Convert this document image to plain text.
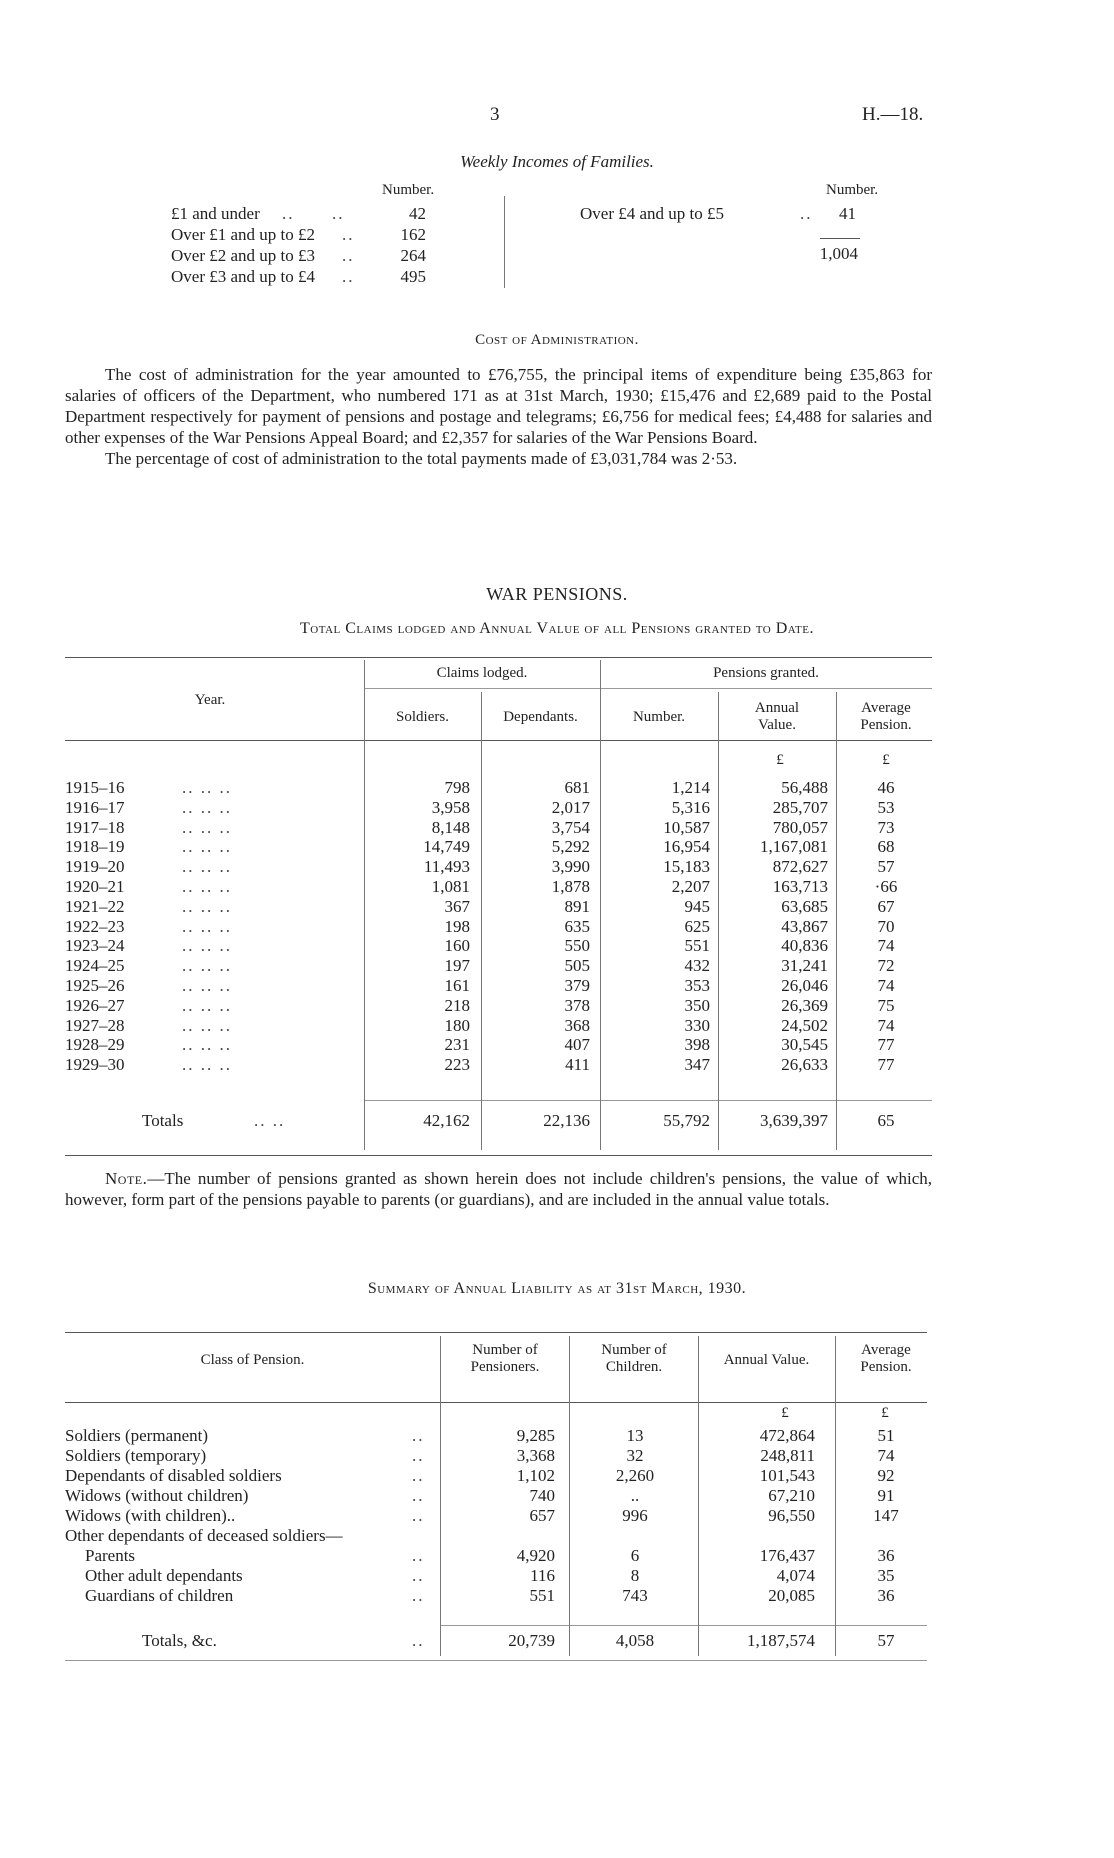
3	H.—18.
Weekly Incomes of Families.
Number.	Number.
£1 and under ..      ..	42
Over £1 and up to £2 ..	162
Over £2 and up to £3 ..	264
Over £3 and up to £4 ..	495
Over £4 and up to £5	..	41
1,004
Cost of Administration.

The cost of administration for the year amounted to £76,755, the principal items of expenditure being £35,863 for salaries of officers of the Department, who numbered 171 as at 31st March, 1930; £15,476 and £2,689 paid to the Postal Department respectively for payment of pensions and postage and telegrams; £6,756 for medical fees; £4,488 for salaries and other expenses of the War Pensions Appeal Board; and £2,357 for salaries of the War Pensions Board.

The percentage of cost of administration to the total payments made of £3,031,784 was 2·53.

WAR PENSIONS.
Total Claims lodged and Annual Value of all Pensions granted to Date.
Year.
Claims lodged.	Pensions granted.
Soldiers.	Dependants.	Number.
Annual Value.
Average Pension.
£	£
1915–16	.. .. ..	798	681	1,214	56,488	46
1916–17	.. .. ..	3,958	2,017	5,316	285,707	53
1917–18	.. .. ..	8,148	3,754	10,587	780,057	73
1918–19	.. .. ..	14,749	5,292	16,954	1,167,081	68
1919–20	.. .. ..	11,493	3,990	15,183	872,627	57
1920–21	.. .. ..	1,081	1,878	2,207	163,713	·66
1921–22	.. .. ..	367	891	945	63,685	67
1922–23	.. .. ..	198	635	625	43,867	70
1923–24	.. .. ..	160	550	551	40,836	74
1924–25	.. .. ..	197	505	432	31,241	72
1925–26	.. .. ..	161	379	353	26,046	74
1926–27	.. .. ..	218	378	350	26,369	75
1927–28	.. .. ..	180	368	330	24,502	74
1928–29	.. .. ..	231	407	398	30,545	77
1929–30	.. .. ..	223	411	347	26,633	77
Totals	.. ..	42,162	22,136	55,792	3,639,397	65

Note.—The number of pensions granted as shown herein does not include children's pensions, the value of which, however, form part of the pensions payable to parents (or guardians), and are included in the annual value totals.

Summary of Annual Liability as at 31st March, 1930.
Class of Pension.
Number of Pensioners.
Number of Children.	Annual Value.
Average Pension.
£	£
Soldiers (permanent)	..	9,285	13	472,864	51
Soldiers (temporary)	..	3,368	32	248,811	74
Dependants of disabled soldiers	..	1,102	2,260	101,543	92
Widows (without children)	..	740	..	67,210	91
Widows (with children)..	..	657	996	96,550	147
Other dependants of deceased soldiers—
Parents	..	4,920	6	176,437	36
Other adult dependants	..	116	8	4,074	35
Guardians of children	..	551	743	20,085	36
Totals, &c.	..	20,739	4,058	1,187,574	57
